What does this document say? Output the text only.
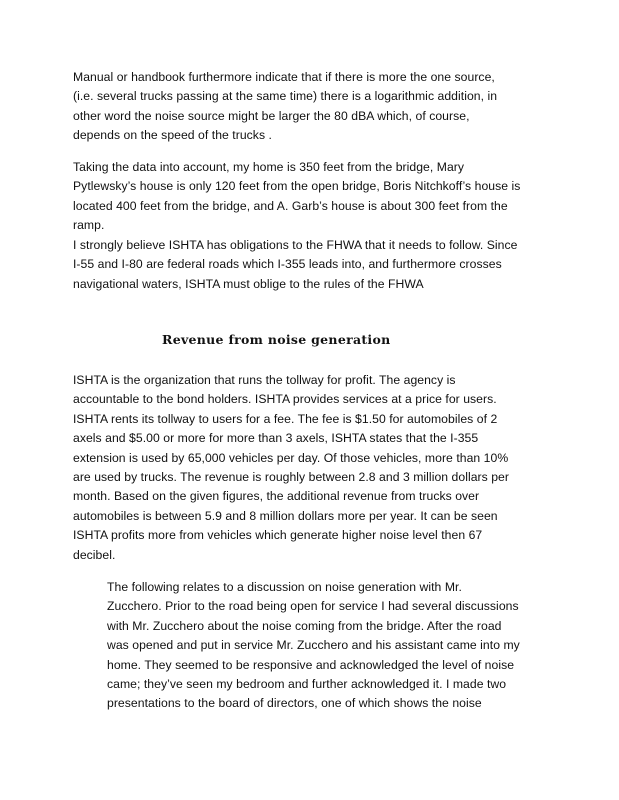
Manual or handbook furthermore indicate that if there is more the one source,
(i.e. several trucks passing at the same time) there is a logarithmic addition, in
other word the noise source might be larger the 80 dBA which, of course,
depends on the speed of the trucks .
Taking the data into account, my home is 350 feet from the bridge, Mary
Pytlewsky’s house is only 120 feet from the open bridge, Boris Nitchkoff’s house is
located 400 feet from the bridge, and A. Garb’s house is about 300 feet from the
ramp.
I strongly believe ISHTA has obligations to the FHWA that it needs to follow. Since
I-55 and I-80 are federal roads which I-355 leads into, and furthermore crosses
navigational waters, ISHTA must oblige to the rules of the FHWA
Revenue from noise generation
ISHTA is the organization that runs the tollway for profit. The agency is
accountable to the bond holders. ISHTA provides services at a price for users.
ISHTA rents its tollway to users for a fee. The fee is $1.50 for automobiles of 2
axels and $5.00 or more for more than 3 axels, ISHTA states that the I-355
extension is used by 65,000 vehicles per day. Of those vehicles, more than 10%
are used by trucks. The revenue is roughly between 2.8 and 3 million dollars per
month. Based on the given figures, the additional revenue from trucks over
automobiles is between 5.9 and 8 million dollars more per year. It can be seen
ISHTA profits more from vehicles which generate higher noise level then 67
decibel.
The following relates to a discussion on noise generation with Mr.
Zucchero. Prior to the road being open for service I had several discussions
with Mr. Zucchero about the noise coming from the bridge. After the road
was opened and put in service Mr. Zucchero and his assistant came into my
home. They seemed to be responsive and acknowledged the level of noise
came; they’ve seen my bedroom and further acknowledged it. I made two
presentations to the board of directors, one of which shows the noise
